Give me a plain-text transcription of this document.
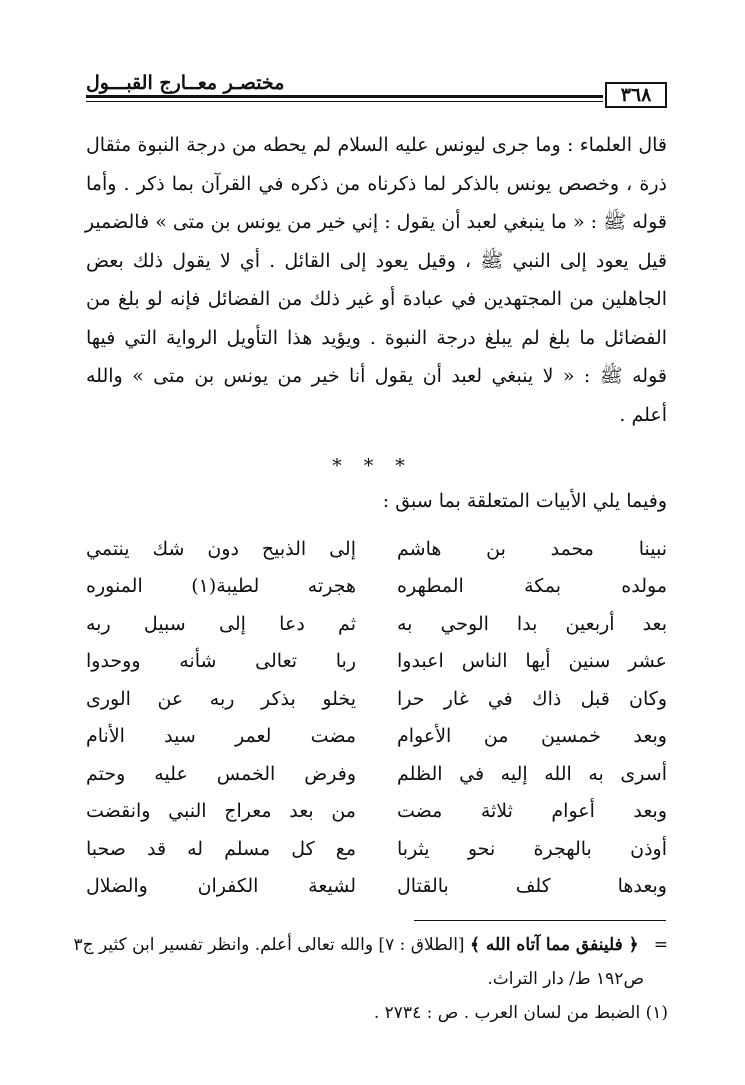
مختصـر معــارج القبـــول
٣٦٨
قال العلماء : وما جرى ليونس عليه السلام لم يحطه من درجة النبوة مثقال
ذرة ، وخصص يونس بالذكر لما ذكرناه من ذكره في القرآن بما ذكر . وأما
قوله ﷺ : « ما ينبغي لعبد أن يقول : إني خير من يونس بن متى » فالضمير
قيل يعود إلى النبي ﷺ ، وقيل يعود إلى القائل . أي لا يقول ذلك بعض
الجاهلين من المجتهدين في عبادة أو غير ذلك من الفضائل فإنه لو بلغ من
الفضائل ما بلغ لم يبلغ درجة النبوة . ويؤيد هذا التأويل الرواية التي فيها
قوله ﷺ : « لا ينبغي لعبد أن يقول أنا خير من يونس بن متى » والله
أعلم .
* * *
وفيما يلي الأبيات المتعلقة بما سبق :
نبينا محمد بن هاشم
إلى الذبيح دون شك ينتمي
مولده بمكة المطهره
هجرته لطيبة(١) المنوره
بعد أربعين بدا الوحي به
ثم دعا إلى سبيل ربه
عشر سنين أيها الناس اعبدوا
ربا تعالى شأنه ووحدوا
وكان قبل ذاك في غار حرا
يخلو بذكر ربه عن الورى
وبعد خمسين من الأعوام
مضت لعمر سيد الأنام
أسرى به الله إليه في الظلم
وفرض الخمس عليه وحتم
وبعد أعوام ثلاثة مضت
من بعد معراج النبي وانقضت
أوذن بالهجرة نحو يثربا
مع كل مسلم له قد صحبا
وبعدها كلف بالقتال
لشيعة الكفران والضلال
= ﴿ فلينفق مما آتاه الله ﴾ [الطلاق : ٧] والله تعالى أعلم. وانظر تفسير ابن كثير ج٣
ص١٩٢ ط/ دار التراث.
(١) الضبط من لسان العرب . ص : ٢٧٣٤ .
